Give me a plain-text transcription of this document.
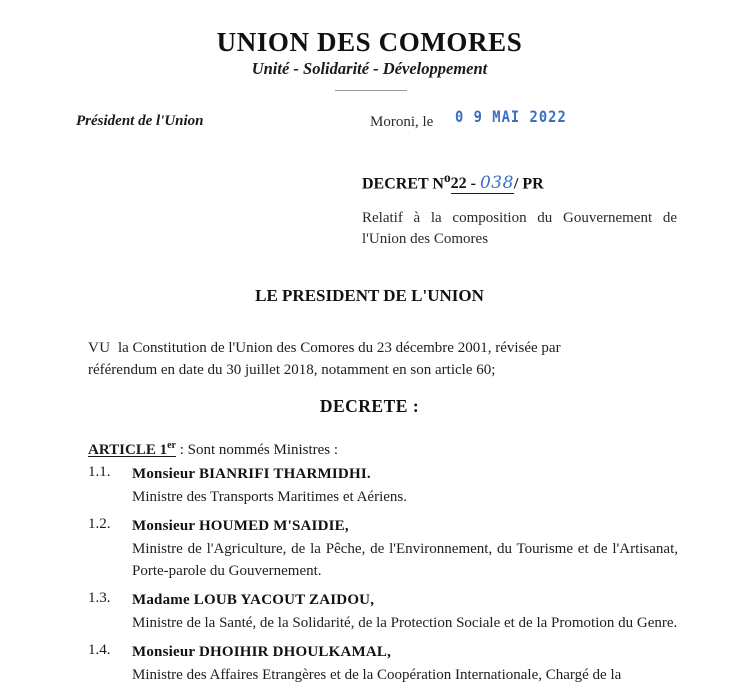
UNION DES COMORES
Unité - Solidarité - Développement
Président de l'Union	Moroni, le 0 9 MAI 2022
DECRET $N^o22 - 038/$ PR
Relatif à la composition du Gouvernement de l'Union des Comores
LE PRESIDENT DE L'UNION
VU la Constitution de l'Union des Comores du 23 décembre 2001, révisée par
référendum en date du 30 juillet 2018, notamment en son article 60;
DECRETE :
ARTICLE 1er : Sont nommés Ministres :
1.1.	Monsieur BIANRIFI THARMIDHI.
Ministre des Transports Maritimes et Aériens.
1.2.	Monsieur HOUMED M'SAIDIE,
Ministre de l'Agriculture, de la Pêche, de l'Environnement, du Tourisme et de l'Artisanat, Porte-parole du Gouvernement.
1.3.	Madame LOUB YACOUT ZAIDOU,
Ministre de la Santé, de la Solidarité, de la Protection Sociale et de la Promotion du Genre.
1.4.	Monsieur DHOIHIR DHOULKAMAL,
Ministre des Affaires Etrangères et de la Coopération Internationale, Chargé de la
